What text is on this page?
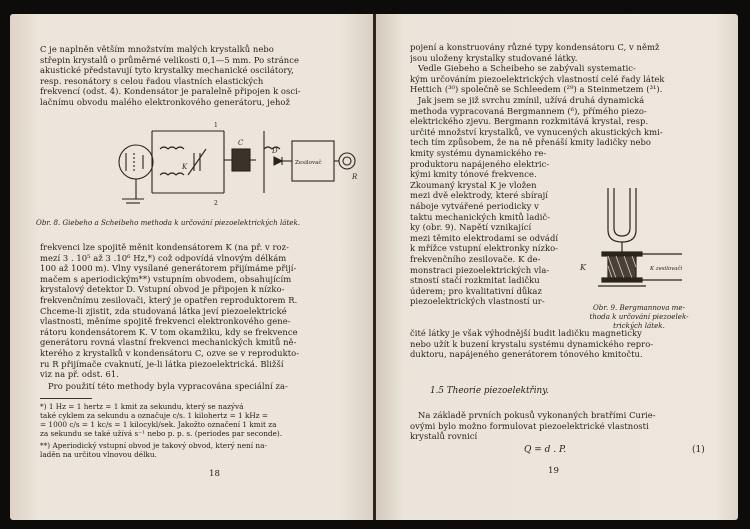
C je naplněn větším množstvím malých krystalků nebo
střepin krystalů o průměrné velikosti 0,1—5 mm. Po stránce
akustické představují tyto krystalky mechanické oscilátory,
resp. resonátory s celou řadou vlastních elastických
frekvencí (odst. 4). Kondensátor je paralelně připojen k osci-
lačnímu obvodu malého elektronkového generátoru, jehož
K
C
D
R
1
2
Zesilovač
Obr. 8. Giebeho a Scheibeho methoda k určování piezoelektrických látek.
frekvenci lze spojitě měnit kondensátorem K (na př. v roz-
mezí 3 . 10⁵ až 3 .10⁶ Hz,*) což odpovídá vlnovým délkám
100 až 1000 m). Vlny vysílané generátorem přijímáme přijí-
mačem s aperiodickým**) vstupním obvodem, obsahujícím
krystalový detektor D. Vstupní obvod je připojen k nízko-
frekvenčnímu zesilovači, který je opatřen reproduktorem R.
Chceme-li zjistit, zda studovaná látka jeví piezoelektrické
vlastnosti, měníme spojitě frekvenci elektronkového gene-
rátoru kondensátorem K. V tom okamžiku, kdy se frekvence
generátoru rovná vlastní frekvenci mechanických kmitů ně-
kterého z krystalků v kondensátoru C, ozve se v reprodukto-
ru R přijímače cvaknutí, je-li látka piezoelektrická. Bližší
viz na př. odst. 61.
Pro použití této methody byla vypracována speciální za-
*) 1 Hz = 1 hertz = 1 kmit za sekundu, který se nazývá
také cyklem za sekundu a označuje c/s. 1 kilohertz = 1 kHz =
= 1000 c/s = 1 kc/s = 1 kilocykl/sek. Jakožto označení 1 kmit za
za sekundu se také užívá s⁻¹ nebo p. p. s. (periodes par seconde).
**) Aperiodický vstupní obvod je takový obvod, který není na-
laděn na určitou vlnovou délku.
18
pojení a konstruovány různé typy kondensátoru C, v němž
jsou uloženy krystalky studované látky.
Vedle Giebeho a Scheibeho se zabývali systematic-
kým určováním piezoelektrických vlastností celé řady látek
Hettich (³⁰) společně se Schleedem (²⁹) a Steinmetzem (³¹).
Jak jsem se již svrchu zmínil, užívá druhá dynamická
methoda vypracovaná Bergmannem (⁶), přímého piezo-
elektrického zjevu. Bergmann rozkmitává krystal, resp.
určité množství krystalků, ve vynucených akustických kmi-
tech tím způsobem, že na ně přenáší kmity ladičky nebo
kmity systému dynamického re-
produktoru napájeného elektric-
kými kmity tónové frekvence.
Zkoumaný krystal K je vložen
mezi dvě elektrody, které sbírají
náboje vytvářené periodicky v
taktu mechanických kmitů ladič-
ky (obr. 9). Napětí vznikající
mezi těmito elektrodami se odvádí
k mřížce vstupní elektronky nízko-
frekvenčního zesilovače. K de-
monstraci piezoelektrických vla-
stností stačí rozkmitat ladičku
úderem; pro kvalitativní důkaz
piezoelektrických vlastností ur-
K	K zesilovači
Obr. 9. Bergmannova me-
thoda k určování piezoelek-
trických látek.
čité látky je však výhodnější budit ladičku magneticky
nebo užít k buzení krystalu systému dynamického repro-
duktoru, napájeného generátorem tónového kmitočtu.
1.5 Theorie piezoelektřiny.
Na základě prvních pokusů vykonaných bratřími Curie-
ovými bylo možno formulovat piezoelektrické vlastnosti
krystalů rovnicí
Q = d . P.	(1)
19
